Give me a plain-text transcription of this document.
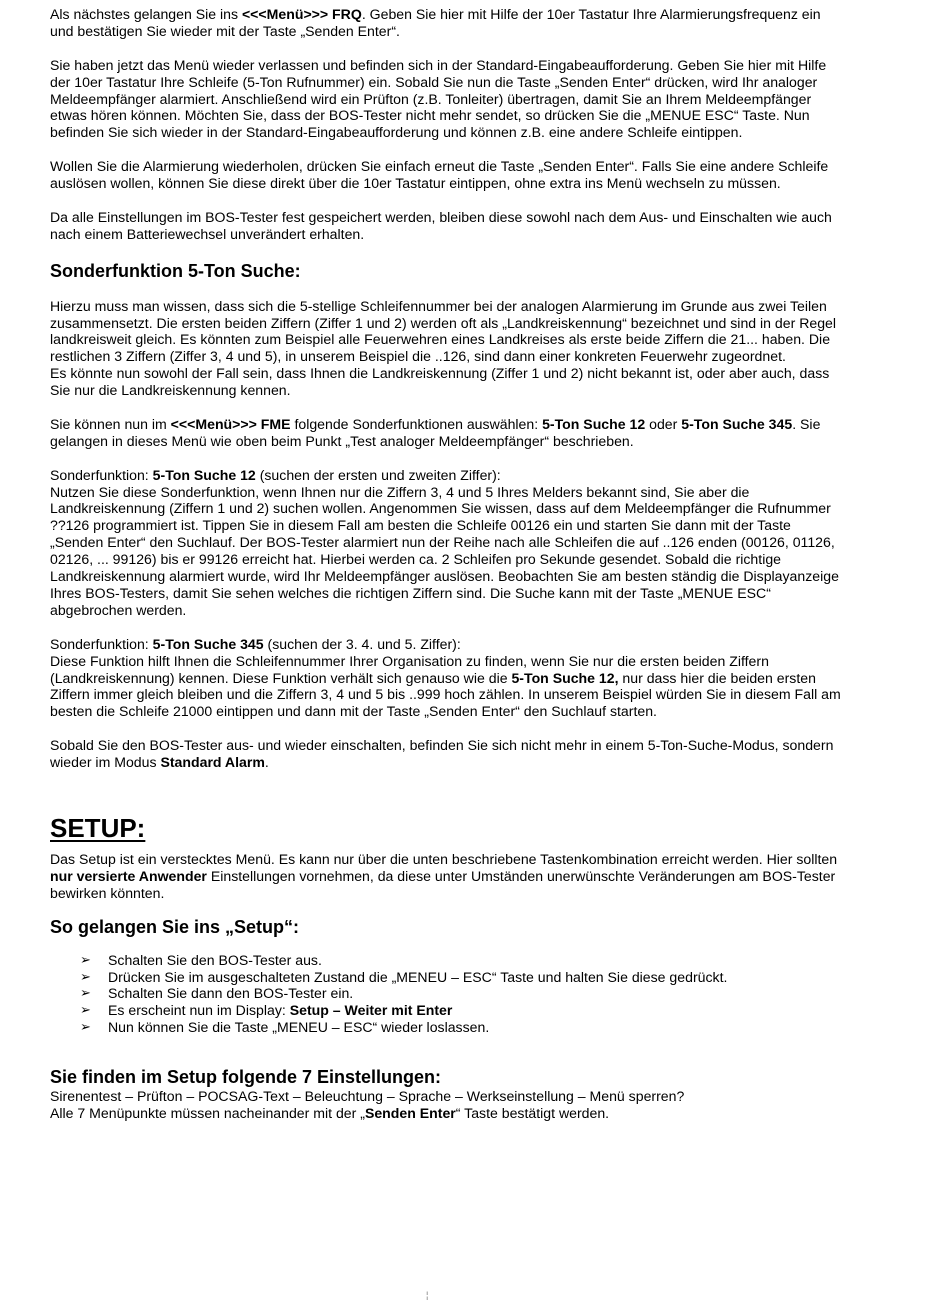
Als nächstes gelangen Sie ins <<<Menü>>> FRQ. Geben Sie hier mit Hilfe der 10er Tastatur Ihre Alarmierungsfrequenz ein
und bestätigen Sie wieder mit der Taste „Senden Enter“.

Sie haben jetzt das Menü wieder verlassen und befinden sich in der Standard-Eingabeaufforderung. Geben Sie hier mit Hilfe
der 10er Tastatur Ihre Schleife (5-Ton Rufnummer) ein. Sobald Sie nun die Taste „Senden Enter“ drücken, wird Ihr analoger
Meldeempfänger alarmiert. Anschließend wird ein Prüfton (z.B. Tonleiter) übertragen, damit Sie an Ihrem Meldeempfänger
etwas hören können. Möchten Sie, dass der BOS-Tester nicht mehr sendet, so drücken Sie die „MENUE ESC“ Taste. Nun
befinden Sie sich wieder in der Standard-Eingabeaufforderung und können z.B. eine andere Schleife eintippen.

Wollen Sie die Alarmierung wiederholen, drücken Sie einfach erneut die Taste „Senden Enter“. Falls Sie eine andere Schleife
auslösen wollen, können Sie diese direkt über die 10er Tastatur eintippen, ohne extra ins Menü wechseln zu müssen.

Da alle Einstellungen im BOS-Tester fest gespeichert werden, bleiben diese sowohl nach dem Aus- und Einschalten wie auch
nach einem Batteriewechsel unverändert erhalten.

Sonderfunktion 5-Ton Suche:

Hierzu muss man wissen, dass sich die 5-stellige Schleifennummer bei der analogen Alarmierung im Grunde aus zwei Teilen
zusammensetzt. Die ersten beiden Ziffern (Ziffer 1 und 2) werden oft als „Landkreiskennung“ bezeichnet und sind in der Regel
landkreisweit gleich. Es könnten zum Beispiel alle Feuerwehren eines Landkreises als erste beide Ziffern die 21... haben. Die
restlichen 3 Ziffern (Ziffer 3, 4 und 5), in unserem Beispiel die ..126, sind dann einer konkreten Feuerwehr zugeordnet.
Es könnte nun sowohl der Fall sein, dass Ihnen die Landkreiskennung (Ziffer 1 und 2) nicht bekannt ist, oder aber auch, dass
Sie nur die Landkreiskennung kennen.

Sie können nun im <<<Menü>>> FME folgende Sonderfunktionen auswählen: 5-Ton Suche 12 oder 5-Ton Suche 345. Sie
gelangen in dieses Menü wie oben beim Punkt „Test analoger Meldeempfänger“ beschrieben.

Sonderfunktion: 5-Ton Suche 12 (suchen der ersten und zweiten Ziffer):
Nutzen Sie diese Sonderfunktion, wenn Ihnen nur die Ziffern 3, 4 und 5 Ihres Melders bekannt sind, Sie aber die
Landkreiskennung (Ziffern 1 und 2) suchen wollen. Angenommen Sie wissen, dass auf dem Meldeempfänger die Rufnummer
??126 programmiert ist. Tippen Sie in diesem Fall am besten die Schleife 00126 ein und starten Sie dann mit der Taste
„Senden Enter“ den Suchlauf. Der BOS-Tester alarmiert nun der Reihe nach alle Schleifen die auf ..126 enden (00126, 01126,
02126, ... 99126) bis er 99126 erreicht hat. Hierbei werden ca. 2 Schleifen pro Sekunde gesendet. Sobald die richtige
Landkreiskennung alarmiert wurde, wird Ihr Meldeempfänger auslösen. Beobachten Sie am besten ständig die Displayanzeige
Ihres BOS-Testers, damit Sie sehen welches die richtigen Ziffern sind. Die Suche kann mit der Taste „MENUE ESC“
abgebrochen werden.

Sonderfunktion: 5-Ton Suche 345 (suchen der 3. 4. und 5. Ziffer):
Diese Funktion hilft Ihnen die Schleifennummer Ihrer Organisation zu finden, wenn Sie nur die ersten beiden Ziffern
(Landkreiskennung) kennen. Diese Funktion verhält sich genauso wie die 5-Ton Suche 12, nur dass hier die beiden ersten
Ziffern immer gleich bleiben und die Ziffern 3, 4 und 5 bis ..999 hoch zählen. In unserem Beispiel würden Sie in diesem Fall am
besten die Schleife 21000 eintippen und dann mit der Taste „Senden Enter“ den Suchlauf starten.

Sobald Sie den BOS-Tester aus- und wieder einschalten, befinden Sie sich nicht mehr in einem 5-Ton-Suche-Modus, sondern
wieder im Modus Standard Alarm.

SETUP:

Das Setup ist ein verstecktes Menü. Es kann nur über die unten beschriebene Tastenkombination erreicht werden. Hier sollten
nur versierte Anwender Einstellungen vornehmen, da diese unter Umständen unerwünschte Veränderungen am BOS-Tester
bewirken könnten.

So gelangen Sie ins „Setup“:
➢ Schalten Sie den BOS-Tester aus.
➢ Drücken Sie im ausgeschalteten Zustand die „MENEU – ESC“ Taste und halten Sie diese gedrückt.
➢ Schalten Sie dann den BOS-Tester ein.
➢ Es erscheint nun im Display: Setup – Weiter mit Enter
➢ Nun können Sie die Taste „MENEU – ESC“ wieder loslassen.
Sie finden im Setup folgende 7 Einstellungen:

Sirenentest – Prüfton – POCSAG-Text – Beleuchtung – Sprache – Werkseinstellung – Menü sperren?
Alle 7 Menüpunkte müssen nacheinander mit der „Senden Enter“ Taste bestätigt werden.

¦
